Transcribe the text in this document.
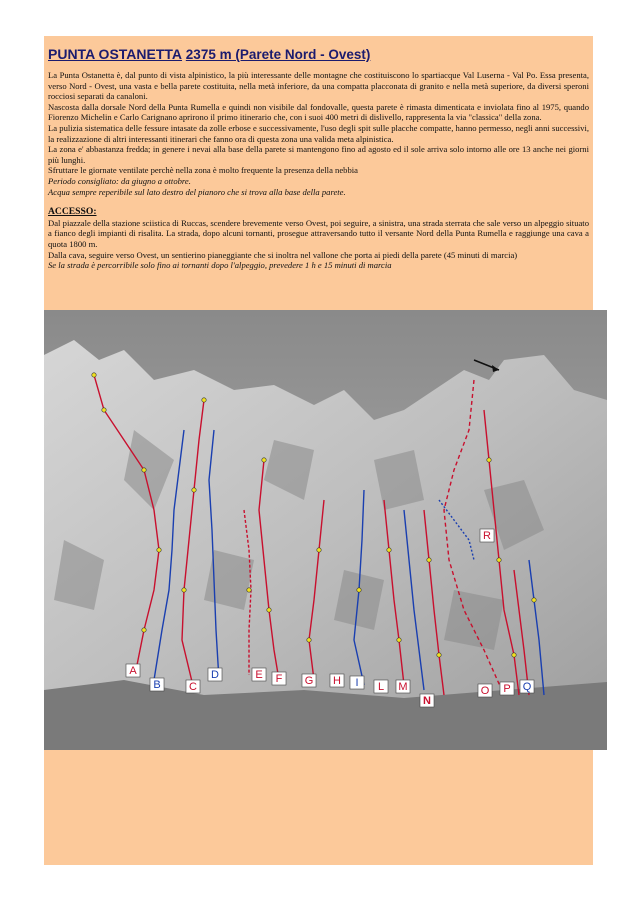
PUNTA OSTANETTA 2375 m (Parete Nord - Ovest)

La Punta Ostanetta è, dal punto di vista alpinistico, la più interessante delle montagne che costituiscono lo spartiacque Val Luserna - Val Po. Essa presenta, verso Nord - Ovest, una vasta e bella parete costituita, nella metà inferiore, da una compatta placconata di granito e nella metà superiore, da diversi speroni rocciosi separati da canaloni.

Nascosta dalla dorsale Nord della Punta Rumella e quindi non visibile dal fondovalle, questa parete è rimasta dimenticata e inviolata fino al 1975, quando Fiorenzo Michelin e Carlo Carignano aprirono il primo itinerario che, con i suoi 400 metri di dislivello, rappresenta la via "classica" della zona.

La pulizia sistematica delle fessure intasate da zolle erbose e successivamente, l'uso degli spit sulle placche compatte, hanno permesso, negli anni successivi, la realizzazione di altri interessanti itinerari che fanno ora di questa zona una valida meta alpinistica.

La zona e' abbastanza fredda; in genere i nevai alla base della parete si mantengono fino ad agosto ed il sole arriva solo intorno alle ore 13 anche nei giorni più lunghi.

Sfruttare le giornate ventilate perchè nella zona è molto frequente la presenza della nebbia

Periodo consigliato: da giugno a ottobre.

Acqua sempre reperibile sul lato destro del pianoro che si trova alla base della parete.

ACCESSO:

Dal piazzale della stazione sciistica di Ruccas, scendere brevemente verso Ovest, poi seguire, a sinistra, una strada sterrata che sale verso un alpeggio situato a fianco degli impianti di risalita. La strada, dopo alcuni tornanti, prosegue attraversando tutto il versante Nord della Punta Rumella e raggiunge una cava a quota 1800 m.

Dalla cava, seguire verso Ovest, un sentierino pianeggiante che si inoltra nel vallone che porta ai piedi della parete (45 minuti di marcia)

Se la strada è percorribile solo fino ai tornanti dopo l'alpeggio, prevedere 1 h e 15 minuti di marcia

A
B	C
D	E F G H I L M
N
O P Q
R
